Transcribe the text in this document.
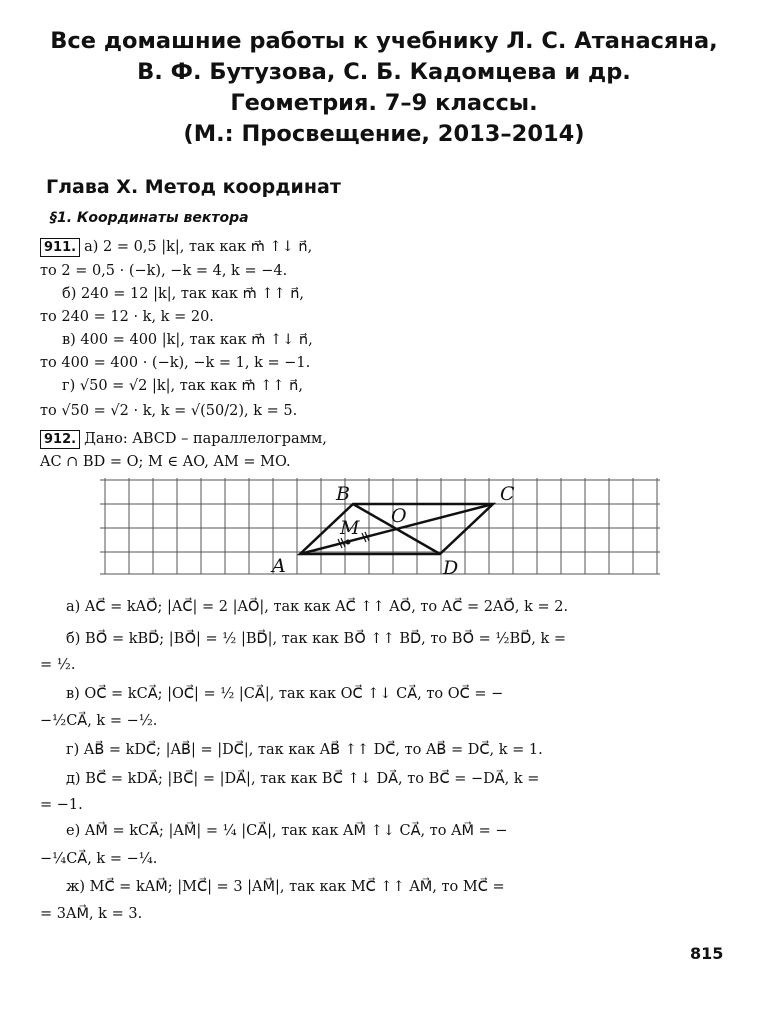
Все домашние работы к учебнику Л. С. Атанасяна,
В. Ф. Бутузова, С. Б. Кадомцева и др.
Геометрия. 7–9 классы.
(М.: Просвещение, 2013–2014)
Глава X. Метод координат
§1. Координаты вектора
911. а) 2 = 0,5 |k|, так как m⃗ ↑↓ n⃗,
то 2 = 0,5 · (−k), −k = 4, k = −4.
б) 240 = 12 |k|, так как m⃗ ↑↑ n⃗,
то 240 = 12 · k, k = 20.
в) 400 = 400 |k|, так как m⃗ ↑↓ n⃗,
то 400 = 400 · (−k), −k = 1, k = −1.
г) √50 = √2 |k|, так как m⃗ ↑↑ n⃗,
то √50 = √2 · k, k = √(50/2), k = 5.
912. Дано: ABCD – параллелограмм,
AC ∩ BD = O; M ∈ AO, AM = MO.
A
B	C
D
O
M
а) AC⃗ = kAO⃗; |AC⃗| = 2 |AO⃗|, так как AC⃗ ↑↑ AO⃗, то AC⃗ = 2AO⃗, k = 2.
б) BO⃗ = kBD⃗; |BO⃗| = ½ |BD⃗|, так как BO⃗ ↑↑ BD⃗, то BO⃗ = ½BD⃗, k =
= ½.
в) OC⃗ = kCA⃗; |OC⃗| = ½ |CA⃗|, так как OC⃗ ↑↓ CA⃗, то OC⃗ = −
−½CA⃗, k = −½.
г) AB⃗ = kDC⃗; |AB⃗| = |DC⃗|, так как AB⃗ ↑↑ DC⃗, то AB⃗ = DC⃗, k = 1.
д) BC⃗ = kDA⃗; |BC⃗| = |DA⃗|, так как BC⃗ ↑↓ DA⃗, то BC⃗ = −DA⃗, k =
= −1.
е) AM⃗ = kCA⃗; |AM⃗| = ¼ |CA⃗|, так как AM⃗ ↑↓ CA⃗, то AM⃗ = −
−¼CA⃗, k = −¼.
ж) MC⃗ = kAM⃗; |MC⃗| = 3 |AM⃗|, так как MC⃗ ↑↑ AM⃗, то MC⃗ =
= 3AM⃗, k = 3.
815
